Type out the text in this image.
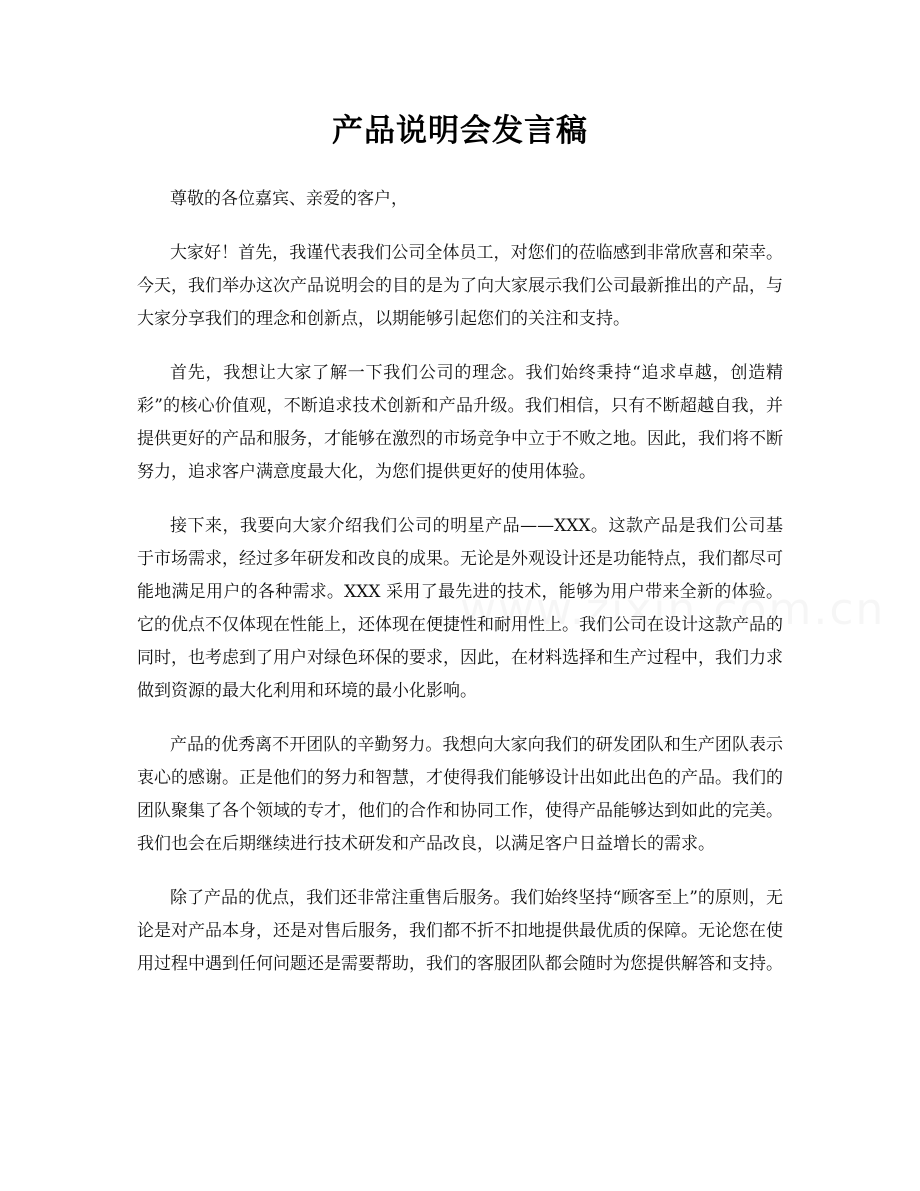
产品说明会发言稿

尊敬的各位嘉宾、亲爱的客户，

大家好！首先，我谨代表我们公司全体员工，对您们的莅临感到非常欣喜和荣幸。今天，我们举办这次产品说明会的目的是为了向大家展示我们公司最新推出的产品，与大家分享我们的理念和创新点，以期能够引起您们的关注和支持。

首先，我想让大家了解一下我们公司的理念。我们始终秉持“追求卓越，创造精彩”的核心价值观，不断追求技术创新和产品升级。我们相信，只有不断超越自我，并提供更好的产品和服务，才能够在激烈的市场竞争中立于不败之地。因此，我们将不断努力，追求客户满意度最大化，为您们提供更好的使用体验。

接下来，我要向大家介绍我们公司的明星产品——XXX。这款产品是我们公司基于市场需求，经过多年研发和改良的成果。无论是外观设计还是功能特点，我们都尽可能地满足用户的各种需求。XXX 采用了最先进的技术，能够为用户带来全新的体验。它的优点不仅体现在性能上，还体现在便捷性和耐用性上。我们公司在设计这款产品的同时，也考虑到了用户对绿色环保的要求，因此，在材料选择和生产过程中，我们力求做到资源的最大化利用和环境的最小化影响。

产品的优秀离不开团队的辛勤努力。我想向大家向我们的研发团队和生产团队表示衷心的感谢。正是他们的努力和智慧，才使得我们能够设计出如此出色的产品。我们的团队聚集了各个领域的专才，他们的合作和协同工作，使得产品能够达到如此的完美。我们也会在后期继续进行技术研发和产品改良，以满足客户日益增长的需求。

除了产品的优点，我们还非常注重售后服务。我们始终坚持“顾客至上”的原则，无论是对产品本身，还是对售后服务，我们都不折不扣地提供最优质的保障。无论您在使用过程中遇到任何问题还是需要帮助，我们的客服团队都会随时为您提供解答和支持。
